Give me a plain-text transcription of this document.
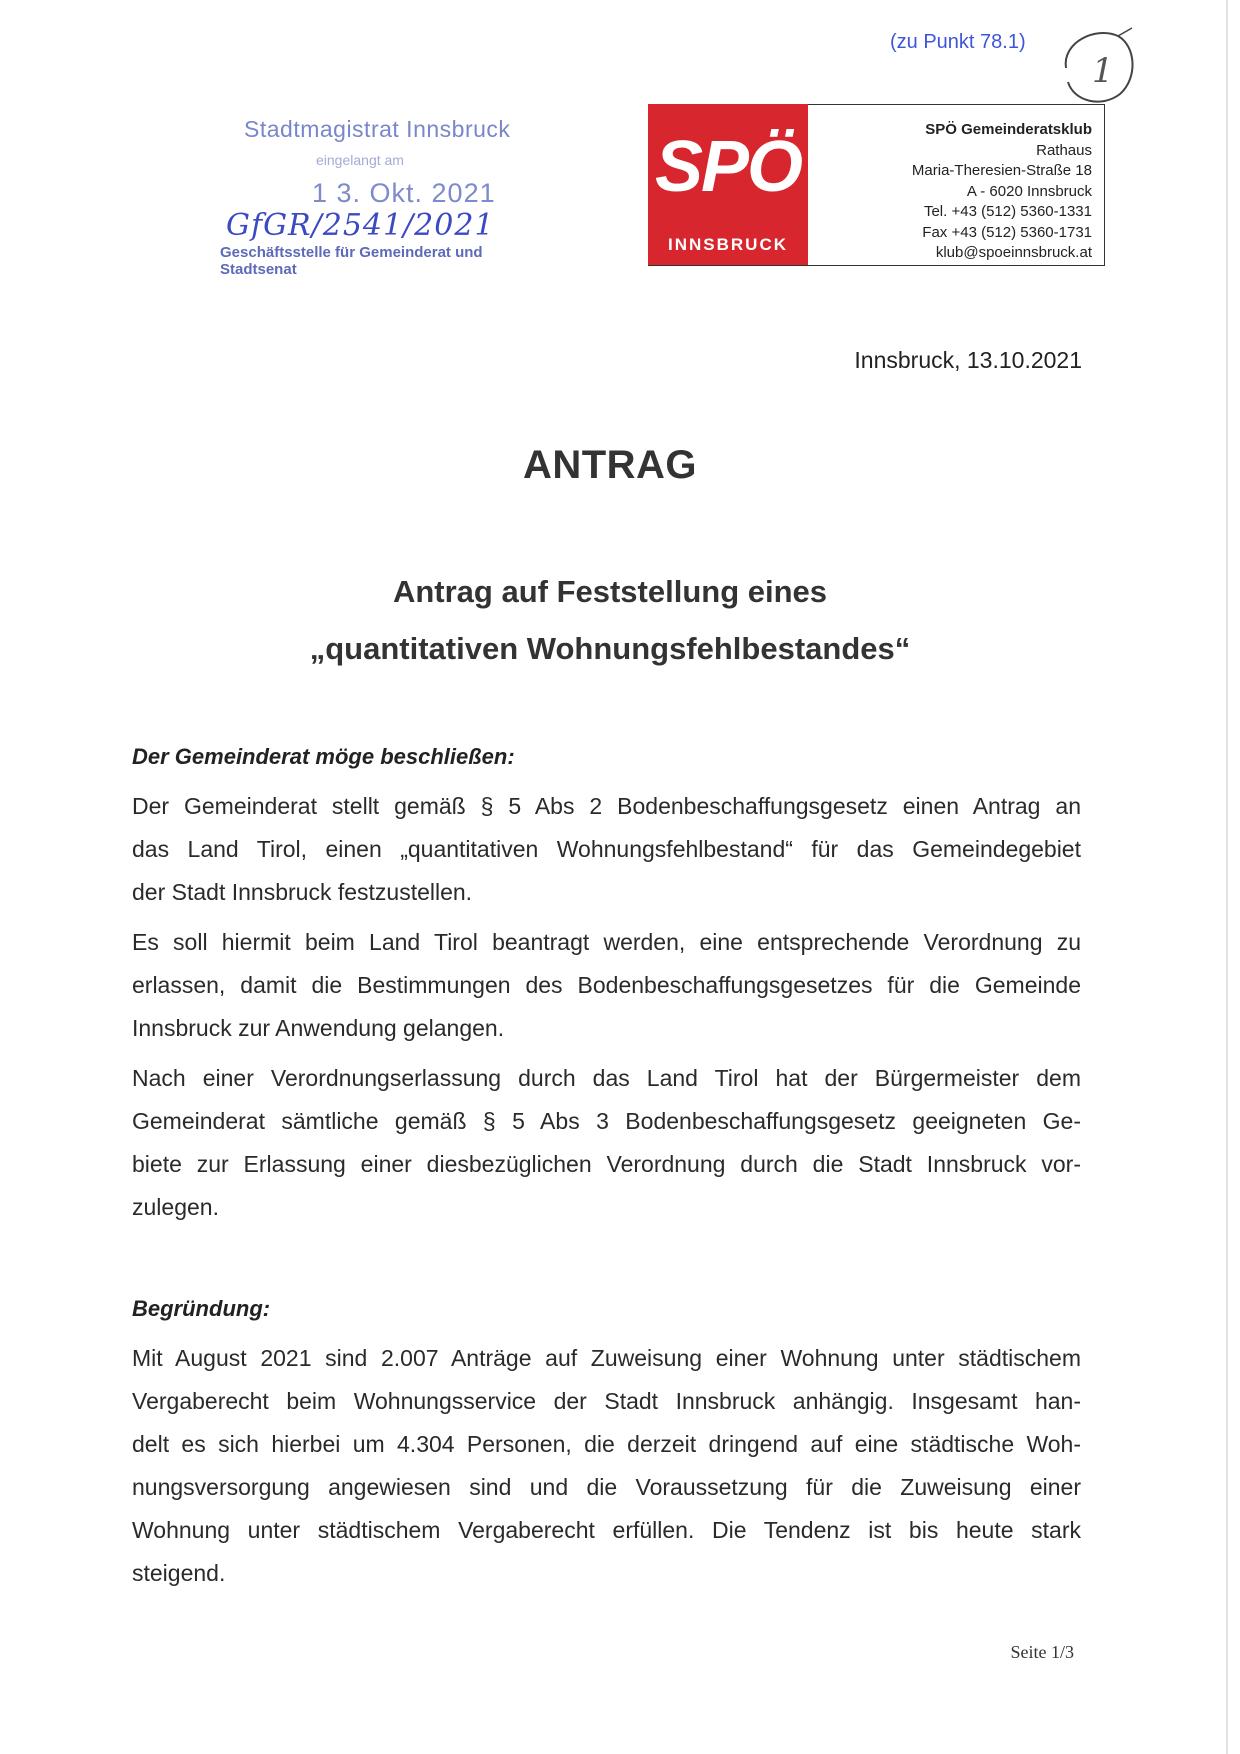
(zu Punkt 78.1)
1
Stadtmagistrat Innsbruck
eingelangt am
1 3. Okt. 2021
GfGR/2541/2021
Geschäftsstelle für Gemeinderat und Stadtsenat
SPÖ
INNSBRUCK
SPÖ Gemeinderatsklub
Rathaus
Maria-Theresien-Straße 18
A - 6020 Innsbruck
Tel. +43 (512) 5360-1331
Fax +43 (512) 5360-1731
klub@spoeinnsbruck.at
Innsbruck, 13.10.2021
ANTRAG
Antrag auf Feststellung eines
„quantitativen Wohnungsfehlbestandes“
Der Gemeinderat möge beschließen:
Der Gemeinderat stellt gemäß § 5 Abs 2 Bodenbeschaffungsgesetz einen Antrag an
das Land Tirol, einen „quantitativen Wohnungsfehlbestand“ für das Gemeindegebiet
der Stadt Innsbruck festzustellen.
Es soll hiermit beim Land Tirol beantragt werden, eine entsprechende Verordnung zu
erlassen, damit die Bestimmungen des Bodenbeschaffungsgesetzes für die Gemeinde
Innsbruck zur Anwendung gelangen.
Nach einer Verordnungserlassung durch das Land Tirol hat der Bürgermeister dem
Gemeinderat sämtliche gemäß § 5 Abs 3 Bodenbeschaffungsgesetz geeigneten Ge-
biete zur Erlassung einer diesbezüglichen Verordnung durch die Stadt Innsbruck vor-
zulegen.
Begründung:
Mit August 2021 sind 2.007 Anträge auf Zuweisung einer Wohnung unter städtischem
Vergaberecht beim Wohnungsservice der Stadt Innsbruck anhängig. Insgesamt han-
delt es sich hierbei um 4.304 Personen, die derzeit dringend auf eine städtische Woh-
nungsversorgung angewiesen sind und die Voraussetzung für die Zuweisung einer
Wohnung unter städtischem Vergaberecht erfüllen. Die Tendenz ist bis heute stark
steigend.
Seite 1/3
